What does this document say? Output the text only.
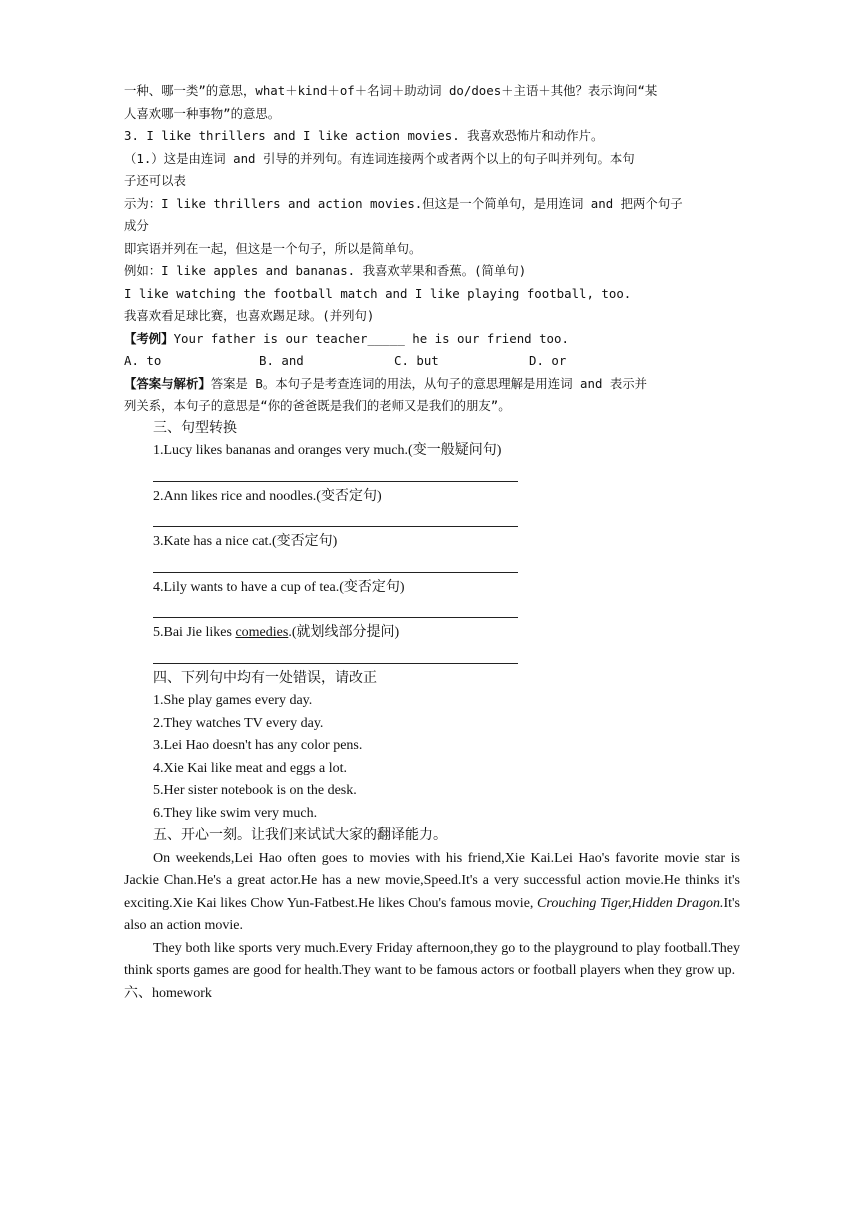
一种、哪一类”的意思，what＋kind＋of＋名词＋助动词 do/does＋主语＋其他？表示询问“某
人喜欢哪一种事物”的意思。
3. I like thrillers and I like action movies. 我喜欢恐怖片和动作片。
（1.）这是由连词 and 引导的并列句。有连词连接两个或者两个以上的句子叫并列句。本句
子还可以表
示为：I like thrillers and action movies.但这是一个简单句，是用连词 and 把两个句子
成分
即宾语并列在一起，但这是一个句子，所以是简单句。
例如：I like apples and bananas. 我喜欢苹果和香蕉。(简单句)
I like watching the football match and I like playing football, too.
我喜欢看足球比赛，也喜欢踢足球。(并列句)
【考例】Your father is our teacher_____ he is our friend too.
A. to	B. and	C. but	D. or
【答案与解析】答案是 B。本句子是考查连词的用法，从句子的意思理解是用连词 and 表示并
列关系，本句子的意思是“你的爸爸既是我们的老师又是我们的朋友”。
三、句型转换
1.Lucy likes bananas and oranges very much.(变一般疑问句)
2.Ann likes rice and noodles.(变否定句)
3.Kate has a nice cat.(变否定句)
4.Lily wants to have a cup of tea.(变否定句)
5.Bai Jie likes comedies.(就划线部分提问)
四、下列句中均有一处错误，请改正
1.She play games every day.
2.They watches TV every day.
3.Lei Hao doesn't has any color pens.
4.Xie Kai like meat and eggs a lot.
5.Her sister notebook is on the desk.
6.They like swim very much.
五、开心一刻。让我们来试试大家的翻译能力。
On weekends,Lei Hao often goes to movies with his friend,Xie Kai.Lei Hao's favorite movie star is Jackie Chan.He's a great actor.He has a new movie,Speed.It's a very successful action movie.He thinks it's exciting.Xie Kai likes Chow Yun-Fatbest.He likes Chou's famous movie, Crouching Tiger,Hidden Dragon.It's also an action movie.
They both like sports very much.Every Friday afternoon,they go to the playground to play football.They think sports games are good for health.They want to be famous actors or football players when they grow up.
六、homework
